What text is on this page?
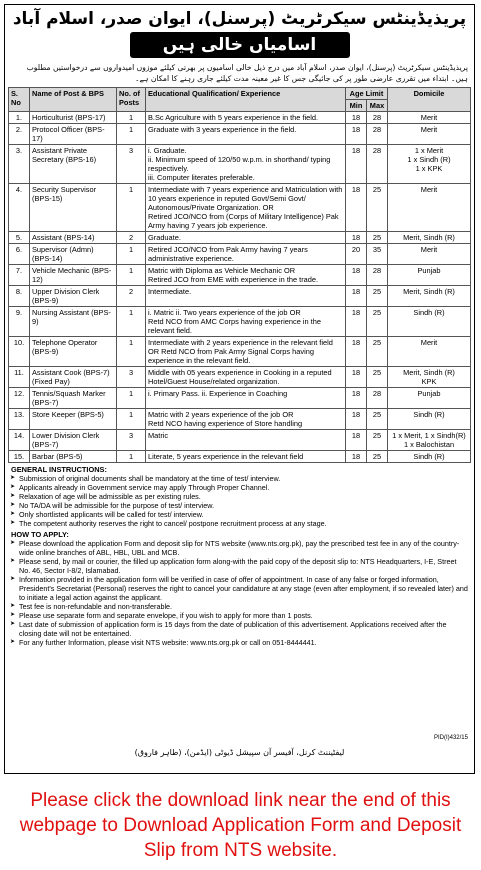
پریذیڈینٹس سیکرٹریٹ (پرسنل)، ایوان صدر، اسلام آباد
اسامیاں خالی ہیں
پریذیڈینٹس سیکرٹریٹ (پرسنل)، ایوان صدر، اسلام آباد میں درج ذیل خالی اسامیوں پر بھرتی کیلئے موزوں امیدواروں سے درخواستیں مطلوب ہیں۔ ابتداء میں تقرری عارضی طور پر کی جائیگی جس کا غیر معینہ مدت کیلئے جاری رہنے کا امکان ہے۔
S. No	Name of Post & BPS	No. of Posts	Educational Qualification/ Experience	Age Limit		Domicile
				Min	Max	
1.	Horticulturist (BPS-17)	1	B.Sc Agriculture with 5 years experience in the field.	18	28	Merit
2.	Protocol Officer (BPS-17)	1	Graduate with 3 years experience in the field.	18	28	Merit
3.	Assistant Private Secretary (BPS-16)	3	i. Graduate.
ii. Minimum speed of 120/50 w.p.m. in shorthand/ typing respectively.
iii. Computer literates preferable.	18	28	1 x Merit
1 x Sindh (R)
1 x KPK
4.	Security Supervisor (BPS-15)	1	Intermediate with 7 years experience and Matriculation with 10 years experience in reputed Govt/Semi Govt/ Autonomous/Private Organization. OR
Retired JCO/NCO from (Corps of Military Intelligence) Pak Army having 7 years job experience.	18	25	Merit
5.	Assistant (BPS-14)	2	Graduate.	18	25	Merit, Sindh (R)
6.	Supervisor (Admn) (BPS-14)	1	Retired JCO/NCO from Pak Army having 7 years administrative experience.	20	35	Merit
7.	Vehicle Mechanic (BPS-12)	1	Matric with Diploma as Vehicle Mechanic OR
Retired JCO from EME with experience in the trade.	18	28	Punjab
8.	Upper Division Clerk (BPS-9)	2	Intermediate.	18	25	Merit, Sindh (R)
9.	Nursing Assistant (BPS-9)	1	i. Matric ii. Two years experience of the job OR
Retd NCO from AMC Corps having experience in the relevant field.	18	25	Sindh (R)
10.	Telephone Operator (BPS-9)	1	Intermediate with 2 years experience in the relevant field OR Retd NCO from Pak Army Signal Corps having experience in the relevant field.	18	25	Merit
11.	Assistant Cook (BPS-7) (Fixed Pay)	3	Middle with 05 years experience in Cooking in a reputed Hotel/Guest House/related organization.	18	25	Merit, Sindh (R)
KPK
12.	Tennis/Squash Marker (BPS-7)	1	i. Primary Pass. ii. Experience in Coaching	18	28	Punjab
13.	Store Keeper (BPS-5)	1	Matric with 2 years experience of the job OR
Retd NCO having experience of Store handling	18	25	Sindh (R)
14.	Lower Division Clerk (BPS-7)	3	Matric	18	25	1 x Merit, 1 x Sindh(R)
1 x Balochistan
15.	Barbar (BPS-5)	1	Literate, 5 years experience in the relevant field	18	25	Sindh (R)
GENERAL INSTRUCTIONS:
➤ Submission of original documents shall be mandatory at the time of test/ interview.
➤ Applicants already in Government service may apply Through Proper Channel.
➤ Relaxation of age will be admissible as per existing rules.
➤ No TA/DA will be admissible for the purpose of test/ interview.
➤ Only shortlisted applicants will be called for test/ interview.
➤ The competent authority reserves the right to cancel/ postpone recruitment process at any stage.
HOW TO APPLY:
➤ Please download the application Form and deposit slip for NTS website (www.nts.org.pk), pay the prescribed test fee in any of the country-wide online branches of ABL, HBL, UBL and MCB.
➤ Please send, by mail or courier, the filled up application form along-with the paid copy of the deposit slip to: NTS Headquarters, I-E, Street No. 46, Sector I-8/2, Islamabad.
➤ Information provided in the application form will be verified in case of offer of appointment. In case of any false or forged information, President's Secretariat (Personal) reserves the right to cancel your candidature at any stage (even after employment, if so revealed later) and to initiate a legal action against the applicant.
➤ Test fee is non-refundable and non-transferable.
➤ Please use separate form and separate envelope, if you wish to apply for more than 1 posts.
➤ Last date of submission of application form is 15 days from the date of publication of this advertisement. Applications received after the closing date will not be entertained.
➤ For any further Information, please visit NTS website: www.nts.org.pk or call on 051-8444441.
PID(I)432/15
لیفٹیننٹ کرنل، آفیسر آن سپیشل ڈیوٹی (ایڈمن)، (طاہر فاروق)
Please click the download link near the end of this webpage to Download Application Form and Deposit Slip from NTS website.
